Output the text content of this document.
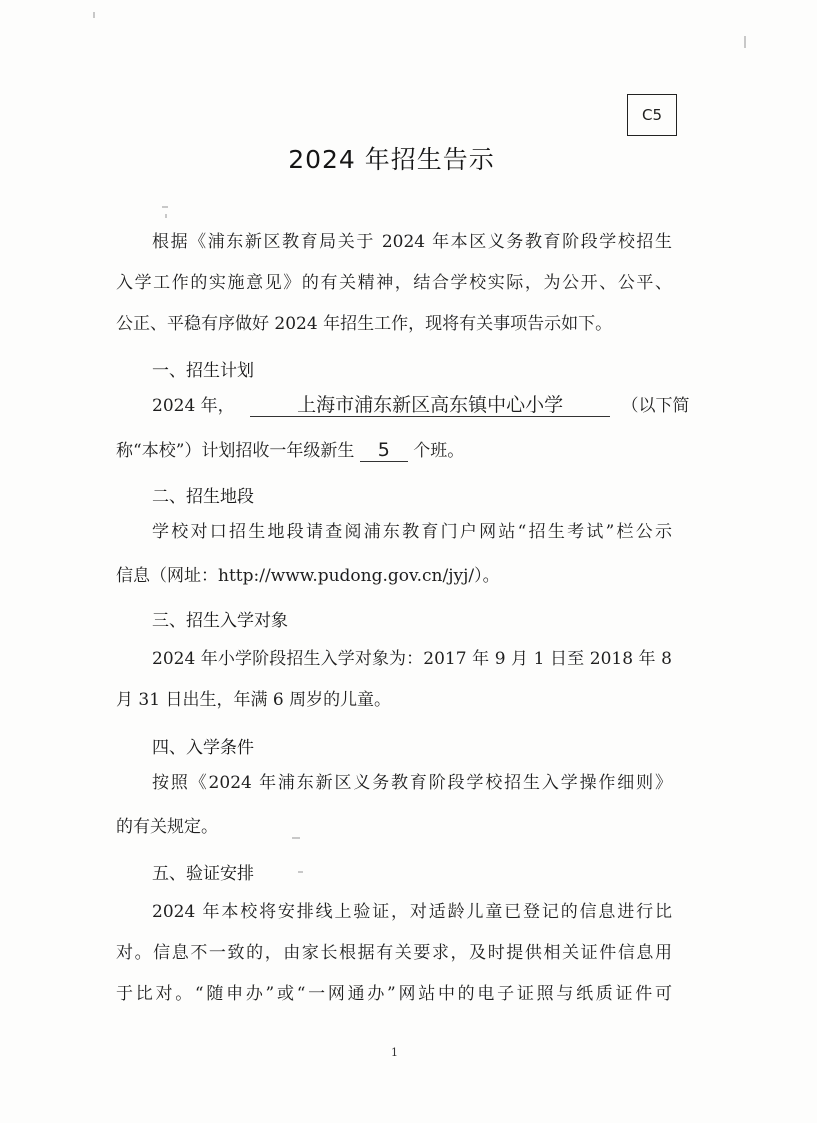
C5
2024 年招生告示
根据《浦东新区教育局关于 2024 年本区义务教育阶段学校招生
入学工作的实施意见》的有关精神，结合学校实际，为公开、公平、
公正、平稳有序做好 2024 年招生工作，现将有关事项告示如下。
一、招生计划
2024 年，	上海市浦东新区高东镇中心小学	（以下简
称“本校”）计划招收一年级新生 5 个班。
二、招生地段
学校对口招生地段请查阅浦东教育门户网站“招生考试”栏公示
信息（网址：http://www.pudong.gov.cn/jyj/）。
三、招生入学对象
2024 年小学阶段招生入学对象为：2017 年 9 月 1 日至 2018 年 8
月 31 日出生，年满 6 周岁的儿童。
四、入学条件
按照《2024 年浦东新区义务教育阶段学校招生入学操作细则》
的有关规定。
五、验证安排
2024 年本校将安排线上验证，对适龄儿童已登记的信息进行比
对。信息不一致的，由家长根据有关要求，及时提供相关证件信息用
于比对。“随申办”或“一网通办”网站中的电子证照与纸质证件可
1
